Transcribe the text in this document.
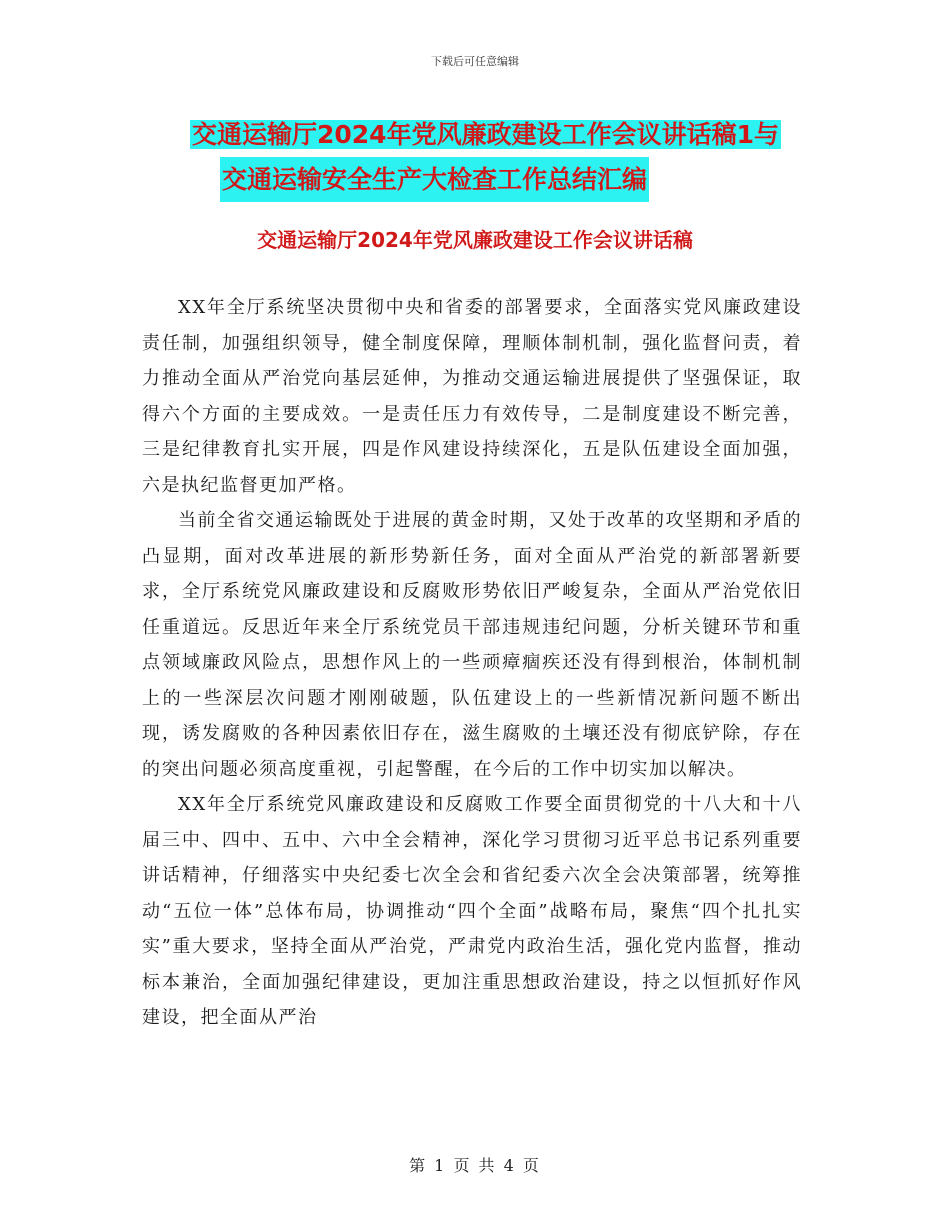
下载后可任意编辑
交通运输厅2024年党风廉政建设工作会议讲话稿1与
交通运输安全生产大检查工作总结汇编
交通运输厅2024年党风廉政建设工作会议讲话稿

XX年全厅系统坚决贯彻中央和省委的部署要求，全面落实党风廉政建设责任制，加强组织领导，健全制度保障，理顺体制机制，强化监督问责，着力推动全面从严治党向基层延伸，为推动交通运输进展提供了坚强保证，取得六个方面的主要成效。一是责任压力有效传导，二是制度建设不断完善，三是纪律教育扎实开展，四是作风建设持续深化，五是队伍建设全面加强，六是执纪监督更加严格。

当前全省交通运输既处于进展的黄金时期，又处于改革的攻坚期和矛盾的凸显期，面对改革进展的新形势新任务，面对全面从严治党的新部署新要求，全厅系统党风廉政建设和反腐败形势依旧严峻复杂，全面从严治党依旧任重道远。反思近年来全厅系统党员干部违规违纪问题，分析关键环节和重点领域廉政风险点，思想作风上的一些顽瘴痼疾还没有得到根治，体制机制上的一些深层次问题才刚刚破题，队伍建设上的一些新情况新问题不断出现，诱发腐败的各种因素依旧存在，滋生腐败的土壤还没有彻底铲除，存在的突出问题必须高度重视，引起警醒，在今后的工作中切实加以解决。

XX年全厅系统党风廉政建设和反腐败工作要全面贯彻党的十八大和十八届三中、四中、五中、六中全会精神，深化学习贯彻习近平总书记系列重要讲话精神，仔细落实中央纪委七次全会和省纪委六次全会决策部署，统筹推动“五位一体”总体布局，协调推动“四个全面”战略布局，聚焦“四个扎扎实实”重大要求，坚持全面从严治党，严肃党内政治生活，强化党内监督，推动标本兼治，全面加强纪律建设，更加注重思想政治建设，持之以恒抓好作风建设，把全面从严治

第 1 页 共 4 页
